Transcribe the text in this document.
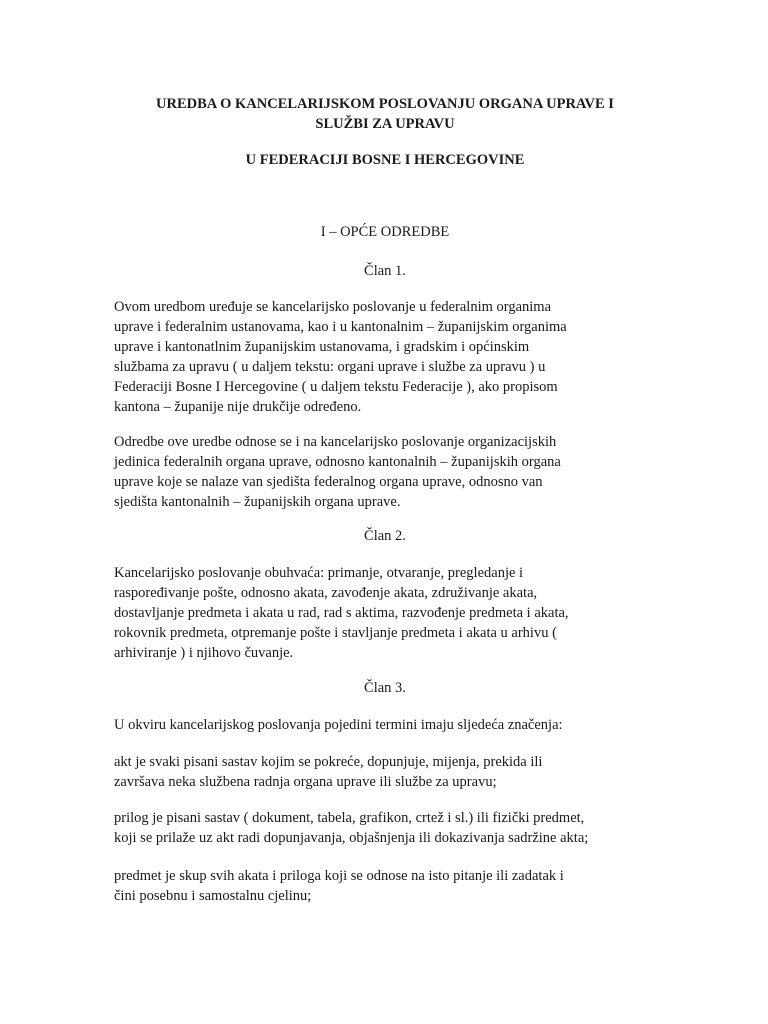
UREDBA O KANCELARIJSKOM POSLOVANJU ORGANA UPRAVE I
SLUŽBI ZA UPRAVU

U FEDERACIJI BOSNE I HERCEGOVINE

I – OPĆE ODREDBE

Član 1.

Ovom uredbom uređuje se kancelarijsko poslovanje u federalnim organima
uprave i federalnim ustanovama, kao i u kantonalnim – županijskim organima
uprave i kantonatlnim županijskim ustanovama, i gradskim i općinskim
službama za upravu ( u daljem tekstu: organi uprave i službe za upravu ) u
Federaciji Bosne I Hercegovine ( u daljem tekstu Federacije ), ako propisom
kantona – županije nije drukčije određeno.

Odredbe ove uredbe odnose se i na kancelarijsko poslovanje organizacijskih
jedinica federalnih organa uprave, odnosno kantonalnih – županijskih organa
uprave koje se nalaze van sjedišta federalnog organa uprave, odnosno van
sjedišta kantonalnih – županijskih organa uprave.

Član 2.

Kancelarijsko poslovanje obuhvaća: primanje, otvaranje, pregledanje i
raspoređivanje pošte, odnosno akata, zavođenje akata, združivanje akata,
dostavljanje predmeta i akata u rad, rad s aktima, razvođenje predmeta i akata,
rokovnik predmeta, otpremanje pošte i stavljanje predmeta i akata u arhivu (
arhiviranje ) i njihovo čuvanje.

Član 3.

U okviru kancelarijskog poslovanja pojedini termini imaju sljedeća značenja:

akt je svaki pisani sastav kojim se pokreće, dopunjuje, mijenja, prekida ili
završava neka službena radnja organa uprave ili službe za upravu;

prilog je pisani sastav ( dokument, tabela, grafikon, crtež i sl.) ili fizički predmet,
koji se prilaže uz akt radi dopunjavanja, objašnjenja ili dokazivanja sadržine akta;

predmet je skup svih akata i priloga koji se odnose na isto pitanje ili zadatak i
čini posebnu i samostalnu cjelinu;
